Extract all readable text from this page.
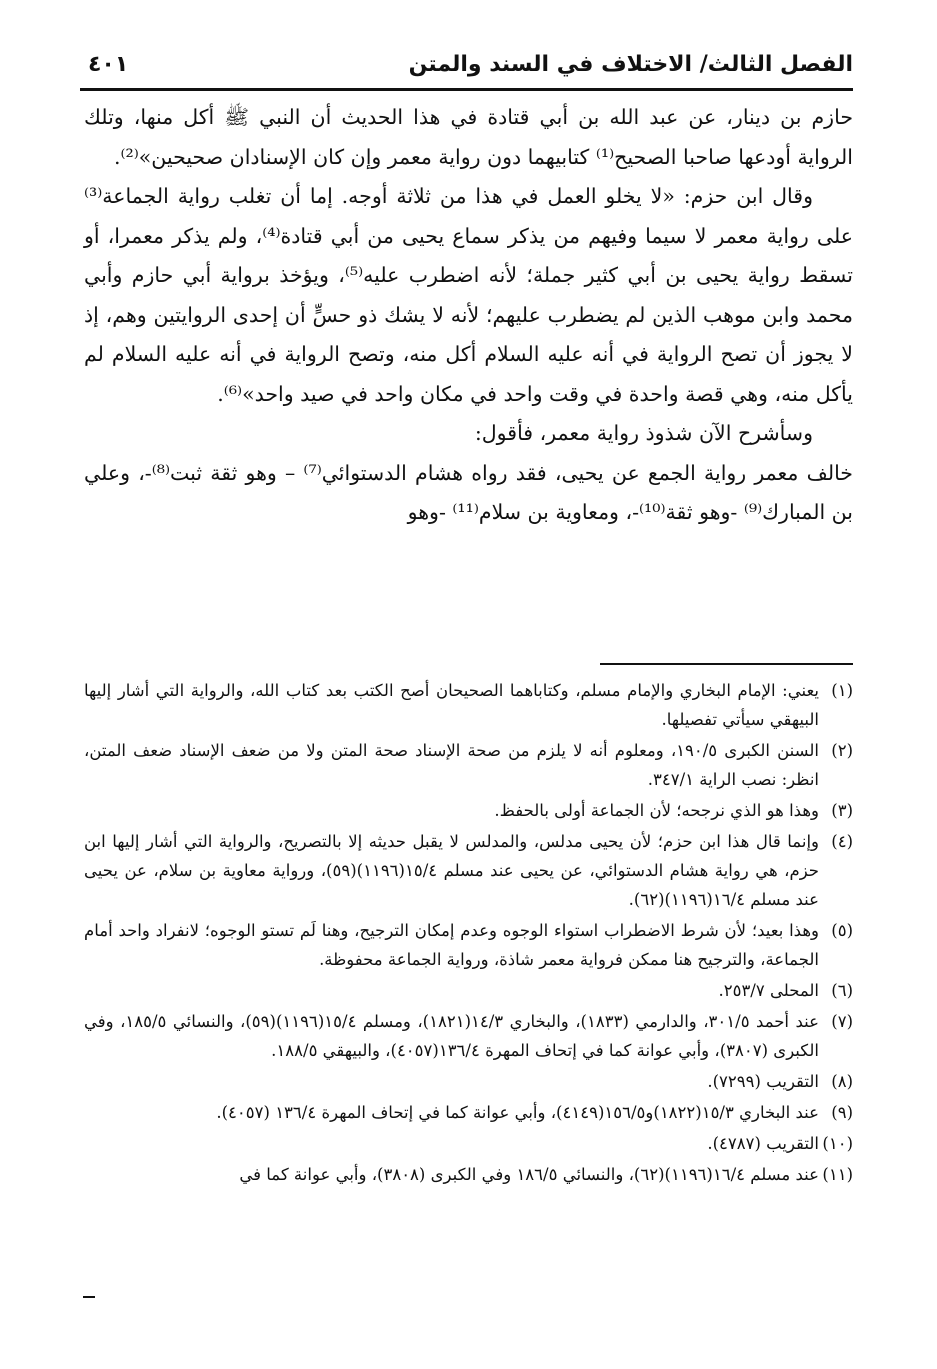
الفصل الثالث/ الاختلاف في السند والمتن
٤٠١

حازم بن دينار، عن عبد الله بن أبي قتادة في هذا الحديث أن النبي ﷺ أكل منها، وتلك الرواية أودعها صاحبا الصحيح⁽¹⁾ كتابيهما دون رواية معمر وإن كان الإسنادان صحيحين»⁽²⁾.

وقال ابن حزم: «لا يخلو العمل في هذا من ثلاثة أوجه. إما أن تغلب رواية الجماعة⁽³⁾ على رواية معمر لا سيما وفيهم من يذكر سماع يحيى من أبي قتادة⁽⁴⁾، ولم يذكر معمرا، أو تسقط رواية يحيى بن أبي كثير جملة؛ لأنه اضطرب عليه⁽⁵⁾، ويؤخذ برواية أبي حازم وأبي محمد وابن موهب الذين لم يضطرب عليهم؛ لأنه لا يشك ذو حسٍّ أن إحدى الروايتين وهم، إذ لا يجوز أن تصح الرواية في أنه عليه السلام أكل منه، وتصح الرواية في أنه عليه السلام لم يأكل منه، وهي قصة واحدة في وقت واحد في مكان واحد في صيد واحد»⁽⁶⁾.

وسأشرح الآن شذوذ رواية معمر، فأقول:

خالف معمر رواية الجمع عن يحيى، فقد رواه هشام الدستوائي⁽⁷⁾ – وهو ثقة ثبت⁽⁸⁾-، وعلي بن المبارك⁽⁹⁾ -وهو ثقة⁽¹⁰⁾-، ومعاوية بن سلام⁽¹¹⁾ -وهو

(١)
يعني: الإمام البخاري والإمام مسلم، وكتاباهما الصحيحان أصح الكتب بعد كتاب الله، والرواية التي أشار إليها البيهقي سيأتي تفصيلها.
(٢)
السنن الكبرى ١٩٠/٥، ومعلوم أنه لا يلزم من صحة الإسناد صحة المتن ولا من ضعف الإسناد ضعف المتن، انظر: نصب الراية ٣٤٧/١.
(٣)
وهذا هو الذي نرجحه؛ لأن الجماعة أولى بالحفظ.
(٤)
وإنما قال هذا ابن حزم؛ لأن يحيى مدلس، والمدلس لا يقبل حديثه إلا بالتصريح، والرواية التي أشار إليها ابن حزم، هي رواية هشام الدستوائي، عن يحيى عند مسلم ١٥/٤(١١٩٦)(٥٩)، ورواية معاوية بن سلام، عن يحيى عند مسلم ١٦/٤(١١٩٦)(٦٢).
(٥)
وهذا بعيد؛ لأن شرط الاضطراب استواء الوجوه وعدم إمكان الترجيح، وهنا لَم تستو الوجوه؛ لانفراد واحد أمام الجماعة، والترجيح هنا ممكن فرواية معمر شاذة، ورواية الجماعة محفوظة.
(٦)
المحلى ٢٥٣/٧.
(٧)
عند أحمد ٣٠١/٥، والدارمي (١٨٣٣)، والبخاري ١٤/٣(١٨٢١)، ومسلم ١٥/٤(١١٩٦)(٥٩)، والنسائي ١٨٥/٥، وفي الكبرى (٣٨٠٧)، وأبي عوانة كما في إتحاف المهرة ١٣٦/٤(٤٠٥٧)، والبيهقي ١٨٨/٥.
(٨)
التقريب (٧٢٩٩).
(٩)
عند البخاري ١٥/٣(١٨٢٢)و١٥٦/٥(٤١٤٩)، وأبي عوانة كما في إتحاف المهرة ١٣٦/٤ (٤٠٥٧).
(١٠)
التقريب (٤٧٨٧).
(١١)
عند مسلم ١٦/٤(١١٩٦)(٦٢)، والنسائي ١٨٦/٥ وفي الكبرى (٣٨٠٨)، وأبي عوانة كما في
